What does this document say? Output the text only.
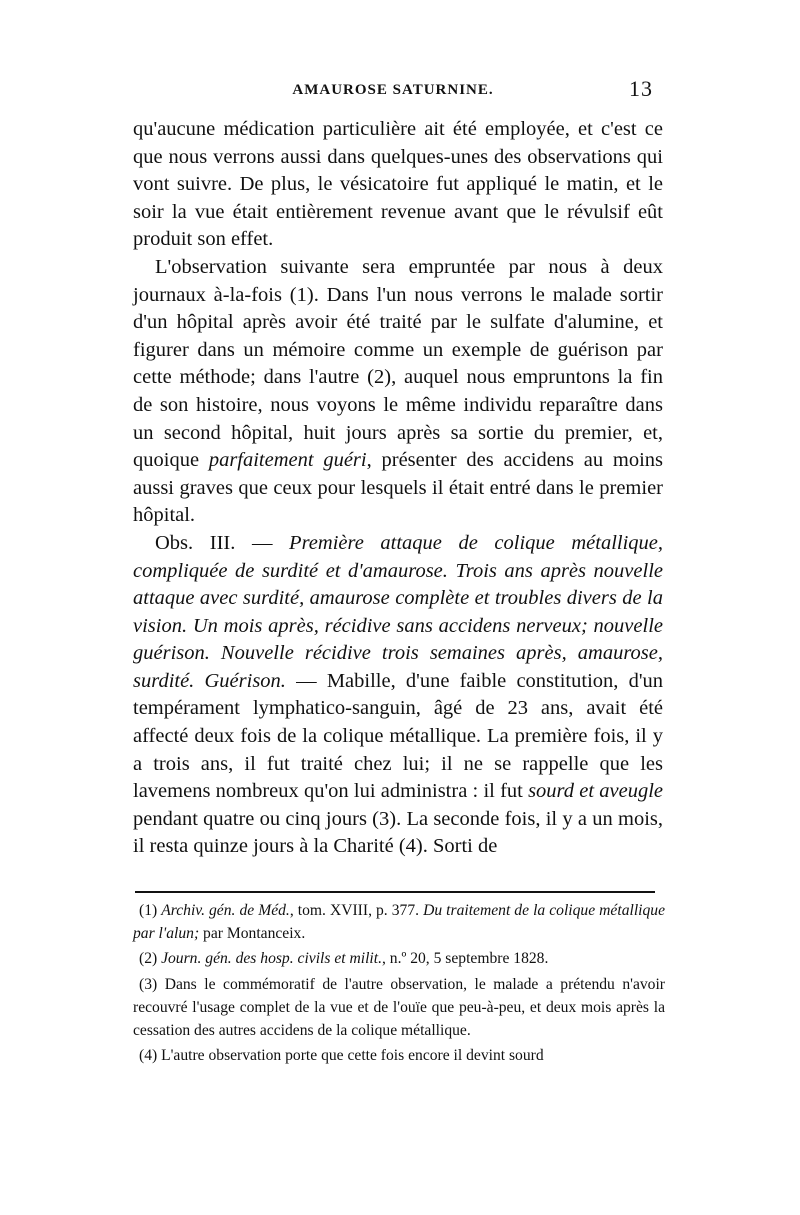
AMAUROSE SATURNINE.	13

qu'aucune médication particulière ait été employée, et c'est ce que nous verrons aussi dans quelques-unes des observations qui vont suivre. De plus, le vésicatoire fut appliqué le matin, et le soir la vue était entièrement revenue avant que le révulsif eût produit son effet.

L'observation suivante sera empruntée par nous à deux journaux à-la-fois (1). Dans l'un nous verrons le malade sortir d'un hôpital après avoir été traité par le sulfate d'alumine, et figurer dans un mémoire comme un exemple de guérison par cette méthode; dans l'autre (2), auquel nous empruntons la fin de son histoire, nous voyons le même individu reparaître dans un second hôpital, huit jours après sa sortie du premier, et, quoique parfaitement guéri, présenter des accidens au moins aussi graves que ceux pour lesquels il était entré dans le premier hôpital.

Obs. III. — Première attaque de colique métallique, compliquée de surdité et d'amaurose. Trois ans après nouvelle attaque avec surdité, amaurose complète et troubles divers de la vision. Un mois après, récidive sans accidens nerveux; nouvelle guérison. Nouvelle récidive trois semaines après, amaurose, surdité. Guérison. — Mabille, d'une faible constitution, d'un tempérament lymphatico-sanguin, âgé de 23 ans, avait été affecté deux fois de la colique métallique. La première fois, il y a trois ans, il fut traité chez lui; il ne se rappelle que les lavemens nombreux qu'on lui administra : il fut sourd et aveugle pendant quatre ou cinq jours (3). La seconde fois, il y a un mois, il resta quinze jours à la Charité (4). Sorti de

(1) Archiv. gén. de Méd., tom. XVIII, p. 377. Du traitement de la colique métallique par l'alun; par Montanceix.

(2) Journ. gén. des hosp. civils et milit., n.º 20, 5 septembre 1828.

(3) Dans le commémoratif de l'autre observation, le malade a prétendu n'avoir recouvré l'usage complet de la vue et de l'ouïe que peu-à-peu, et deux mois après la cessation des autres accidens de la colique métallique.

(4) L'autre observation porte que cette fois encore il devint sourd
